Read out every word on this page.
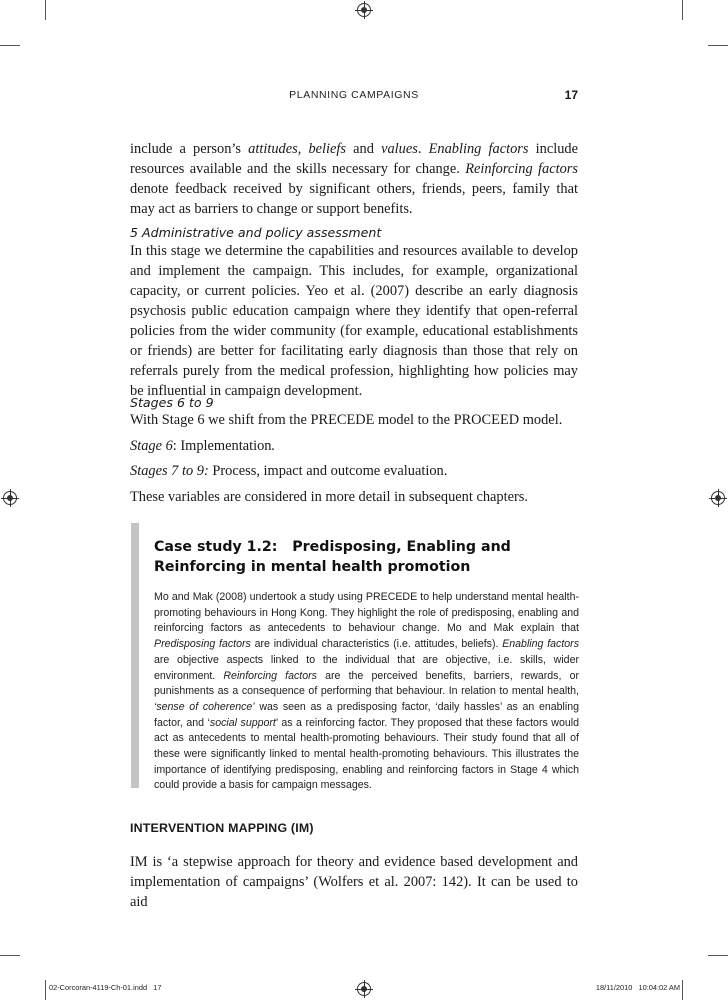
PLANNING CAMPAIGNS	17

include a person’s attitudes, beliefs and values. Enabling factors include resources available and the skills necessary for change. Reinforcing factors denote feedback received by significant others, friends, peers, family that may act as barriers to change or support benefits.

5 Administrative and policy assessment

In this stage we determine the capabilities and resources available to develop and implement the campaign. This includes, for example, organizational capacity, or current policies. Yeo et al. (2007) describe an early diagnosis psychosis public education campaign where they identify that open-referral policies from the wider community (for example, educational establishments or friends) are better for facilitating early diagnosis than those that rely on referrals purely from the medical profession, highlighting how policies may be influential in campaign development.

Stages 6 to 9

With Stage 6 we shift from the PRECEDE model to the PROCEED model.

Stage 6: Implementation.

Stages 7 to 9: Process, impact and outcome evaluation.

These variables are considered in more detail in subsequent chapters.

Case study 1.2:   Predisposing, Enabling and
Reinforcing in mental health promotion
Mo and Mak (2008) undertook a study using PRECEDE to help understand mental health-promoting behaviours in Hong Kong. They highlight the role of predisposing, enabling and reinforcing factors as antecedents to behaviour change. Mo and Mak explain that Predisposing factors are individual characteristics (i.e. attitudes, beliefs). Enabling factors are objective aspects linked to the individual that are objective, i.e. skills, wider environment. Reinforcing factors are the perceived benefits, barriers, rewards, or punishments as a consequence of performing that behaviour. In relation to mental health, ‘sense of coherence’ was seen as a predisposing factor, ‘daily hassles’ as an enabling factor, and ‘social support’ as a reinforcing factor. They proposed that these factors would act as antecedents to mental health-promoting behaviours. Their study found that all of these were significantly linked to mental health-promoting behaviours. This illustrates the importance of identifying predisposing, enabling and reinforcing factors in Stage 4 which could provide a basis for campaign messages.
INTERVENTION MAPPING (IM)

IM is ‘a stepwise approach for theory and evidence based development and implementation of campaigns’ (Wolfers et al. 2007: 142). It can be used to aid

02-Corcoran-4119-Ch-01.indd   17	18/11/2010   10:04:02 AM
